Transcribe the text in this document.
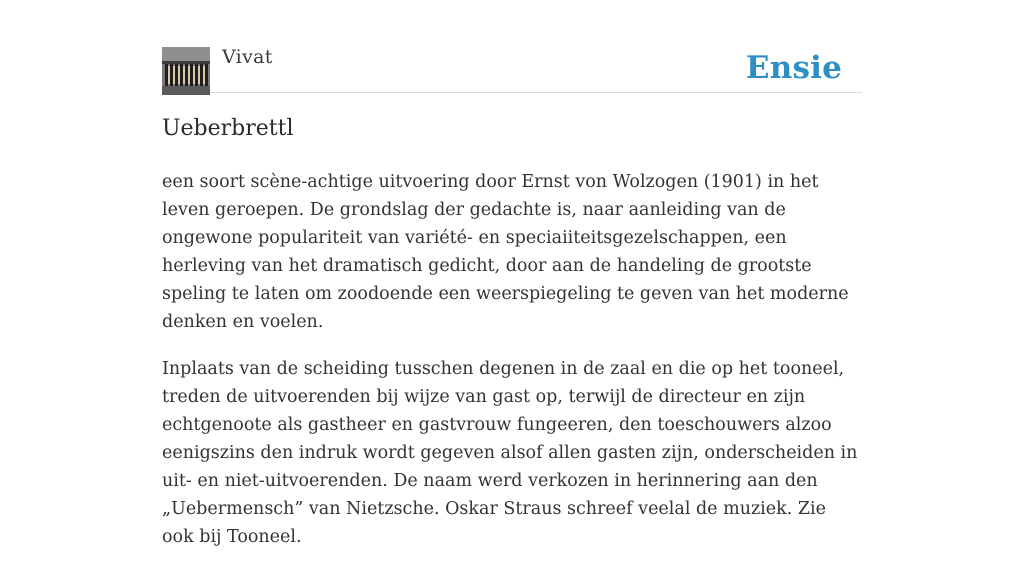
Vivat	Ensie
Ueberbrettl

een soort scène-achtige uitvoering door Ernst von Wolzogen (1901) in het leven geroepen. De grondslag der gedachte is, naar aanleiding van de ongewone populariteit van variété- en speciaiiteitsgezelschappen, een herleving van het dramatisch gedicht, door aan de handeling de grootste speling te laten om zoodoende een weerspiegeling te geven van het moderne denken en voelen.

Inplaats van de scheiding tusschen degenen in de zaal en die op het tooneel, treden de uitvoerenden bij wijze van gast op, terwijl de directeur en zijn echtgenoote als gastheer en gastvrouw fungeeren, den toeschouwers alzoo eenigszins den indruk wordt gegeven alsof allen gasten zijn, onderscheiden in uit- en niet-uitvoerenden. De naam werd verkozen in herinnering aan den „Uebermensch” van Nietzsche. Oskar Straus schreef veelal de muziek. Zie ook bij Tooneel.
